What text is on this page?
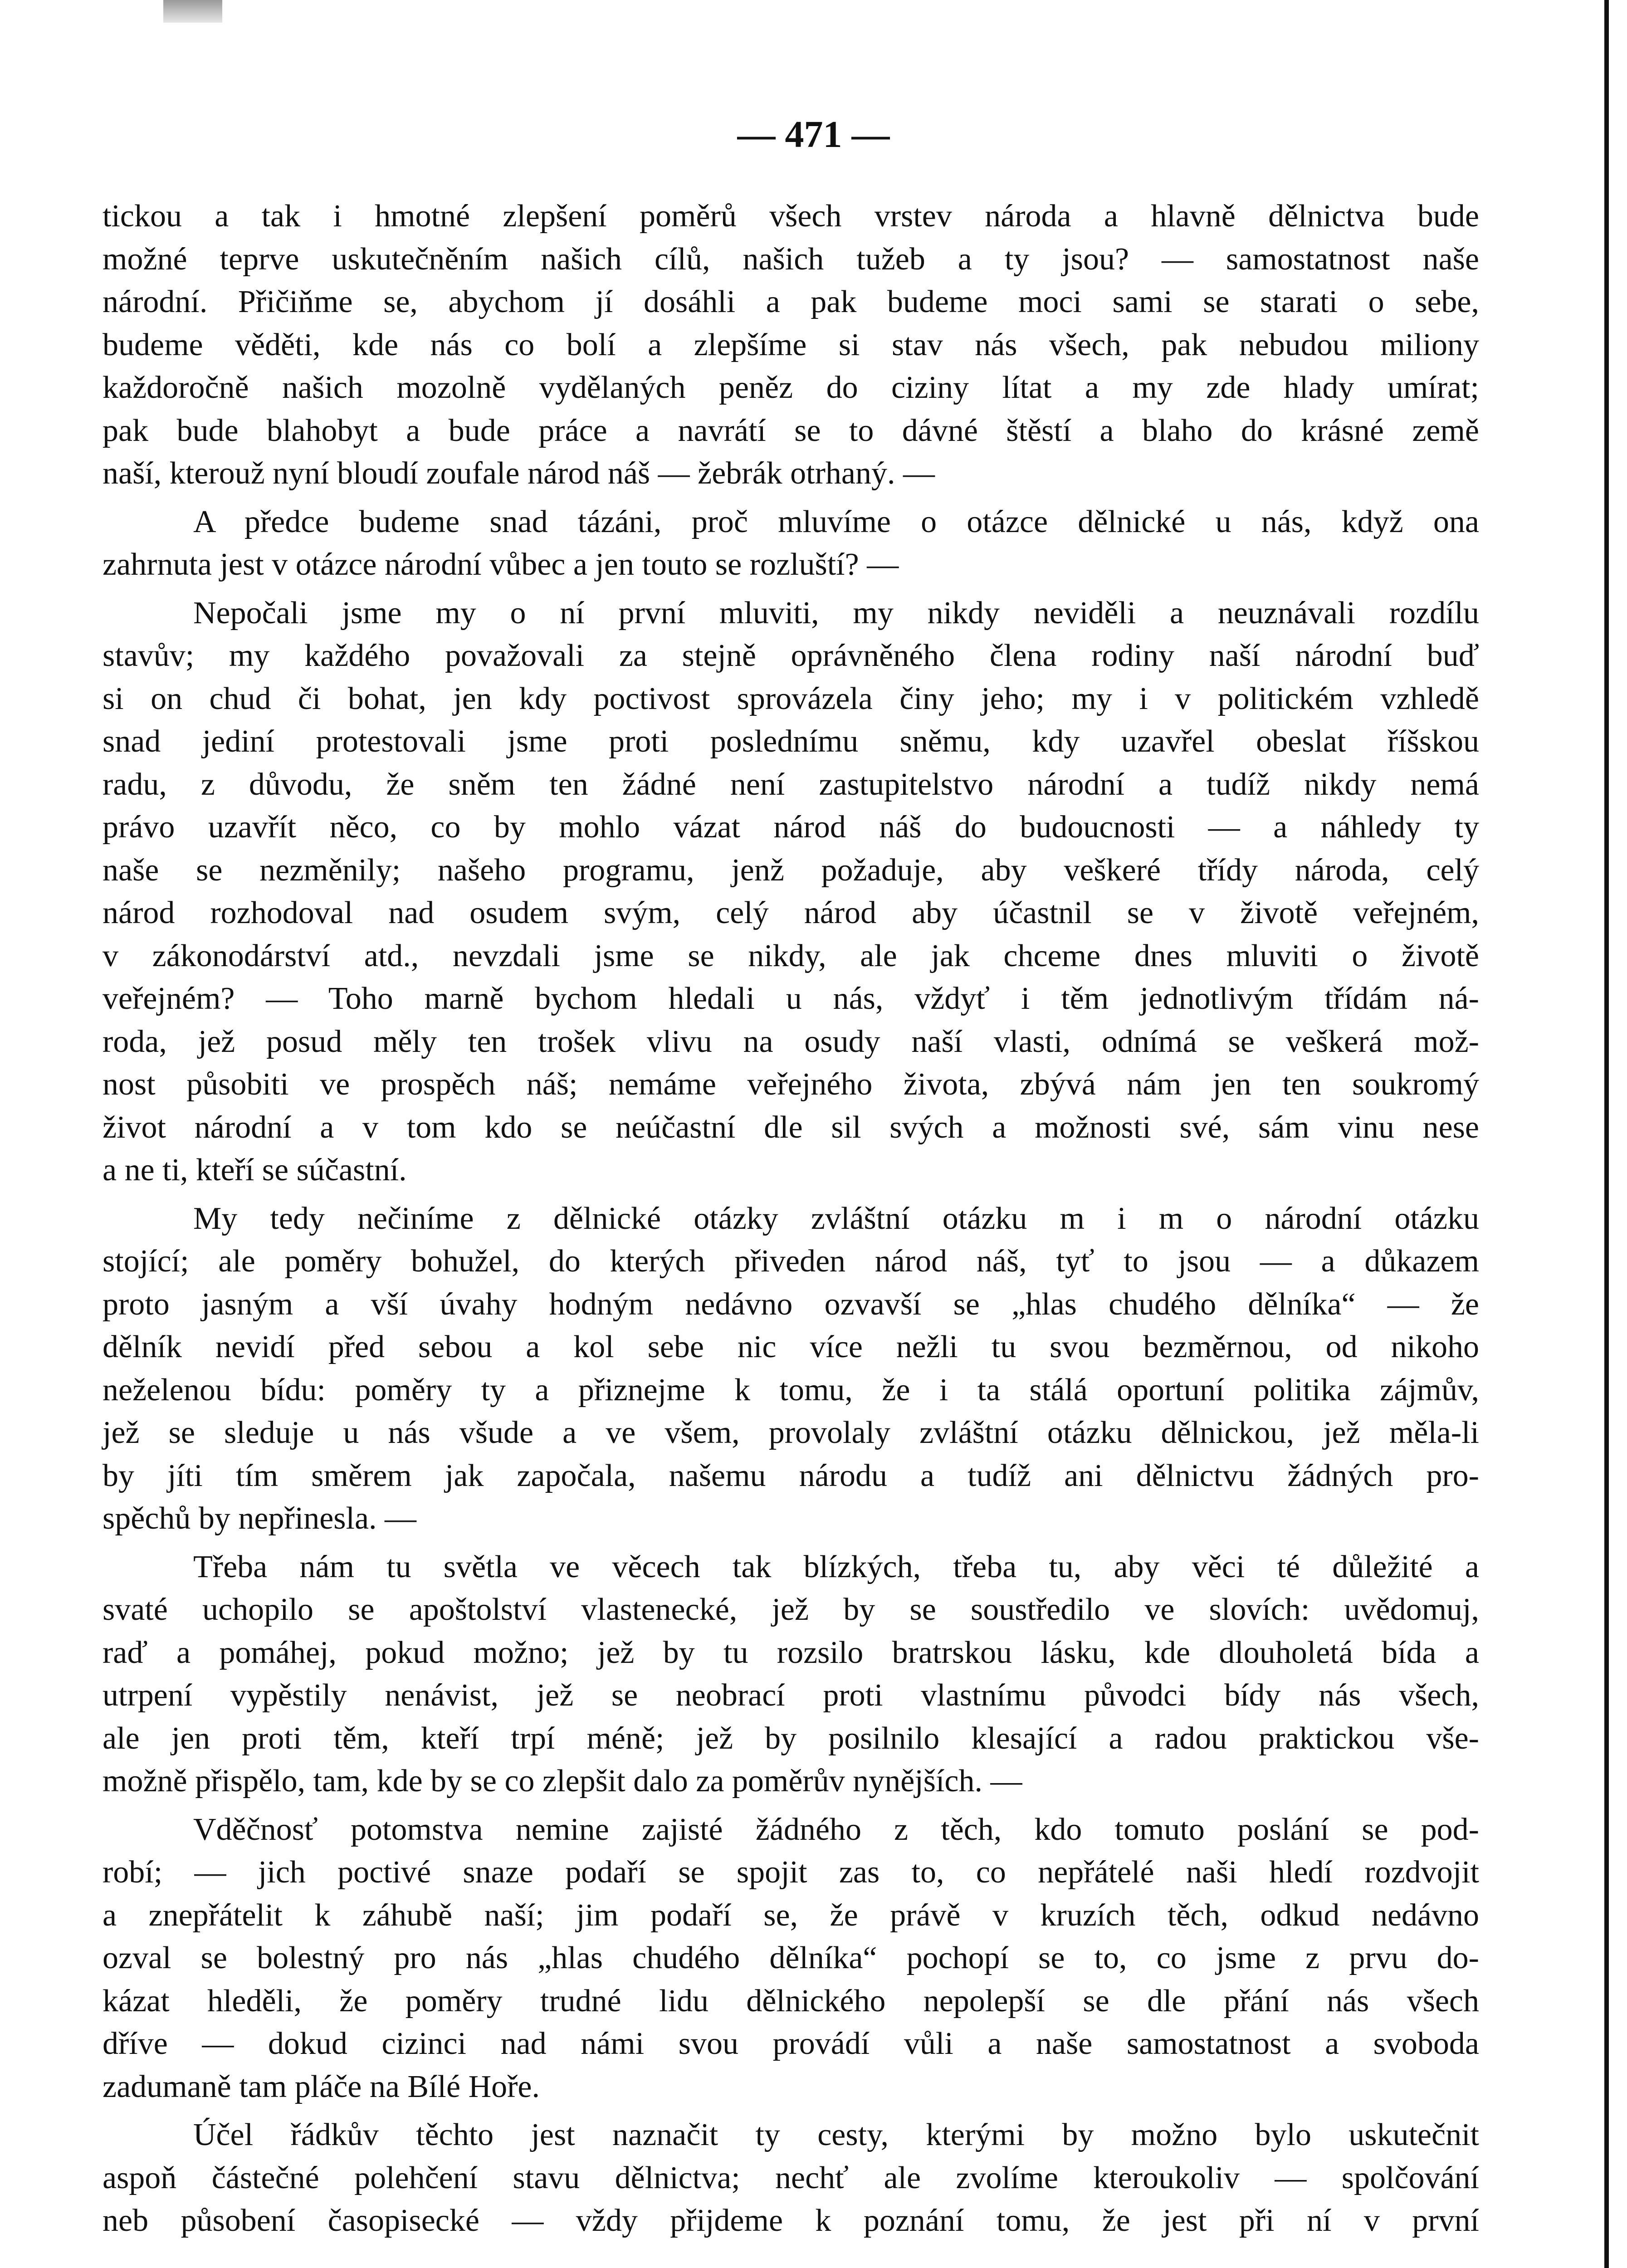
— 471 —
tickou a tak i hmotné zlepšení poměrů všech vrstev národa a hlavně dělnictva bude
možné teprve uskutečněním našich cílů, našich tužeb a ty jsou? — samostatnost naše
národní. Přičiňme se, abychom jí dosáhli a pak budeme moci sami se starati o sebe,
budeme věděti, kde nás co bolí a zlepšíme si stav nás všech, pak nebudou miliony
každoročně našich mozolně vydělaných peněz do ciziny lítat a my zde hlady umírat;
pak bude blahobyt a bude práce a navrátí se to dávné štěstí a blaho do krásné země
naší, kterouž nyní bloudí zoufale národ náš — žebrák otrhaný. —
A předce budeme snad tázáni, proč mluvíme o otázce dělnické u nás, když ona
zahrnuta jest v otázce národní vůbec a jen touto se rozluští? —
Nepočali jsme my o ní první mluviti, my nikdy neviděli a neuznávali rozdílu
stavův; my každého považovali za stejně oprávněného člena rodiny naší národní buď
si on chud či bohat, jen kdy poctivost sprovázela činy jeho; my i v politickém vzhledě
snad jediní protestovali jsme proti poslednímu sněmu, kdy uzavřel obeslat říšskou
radu, z důvodu, že sněm ten žádné není zastupitelstvo národní a tudíž nikdy nemá
právo uzavřít něco, co by mohlo vázat národ náš do budoucnosti — a náhledy ty
naše se nezměnily; našeho programu, jenž požaduje, aby veškeré třídy národa, celý
národ rozhodoval nad osudem svým, celý národ aby účastnil se v životě veřejném,
v zákonodárství atd., nevzdali jsme se nikdy, ale jak chceme dnes mluviti o životě
veřejném? — Toho marně bychom hledali u nás, vždyť i těm jednotlivým třídám ná-
roda, jež posud měly ten trošek vlivu na osudy naší vlasti, odnímá se veškerá mož-
nost působiti ve prospěch náš; nemáme veřejného života, zbývá nám jen ten soukromý
život národní a v tom kdo se neúčastní dle sil svých a možnosti své, sám vinu nese
a ne ti, kteří se súčastní.
My tedy nečiníme z dělnické otázky zvláštní otázku m i m o národní otázku
stojící; ale poměry bohužel, do kterých přiveden národ náš, tyť to jsou — a důkazem
proto jasným a vší úvahy hodným nedávno ozvavší se „hlas chudého dělníka“ — že
dělník nevidí před sebou a kol sebe nic více nežli tu svou bezměrnou, od nikoho
neželenou bídu: poměry ty a přiznejme k tomu, že i ta stálá oportuní politika zájmův,
jež se sleduje u nás všude a ve všem, provolaly zvláštní otázku dělnickou, jež měla-li
by jíti tím směrem jak započala, našemu národu a tudíž ani dělnictvu žádných pro-
spěchů by nepřinesla. —
Třeba nám tu světla ve věcech tak blízkých, třeba tu, aby věci té důležité a
svaté uchopilo se apoštolství vlastenecké, jež by se soustředilo ve slovích: uvědomuj,
raď a pomáhej, pokud možno; jež by tu rozsilo bratrskou lásku, kde dlouholetá bída a
utrpení vypěstily nenávist, jež se neobrací proti vlastnímu původci bídy nás všech,
ale jen proti těm, kteří trpí méně; jež by posilnilo klesající a radou praktickou vše-
možně přispělo, tam, kde by se co zlepšit dalo za poměrův nynějších. —
Vděčnosť potomstva nemine zajisté žádného z těch, kdo tomuto poslání se pod-
robí; — jich poctivé snaze podaří se spojit zas to, co nepřátelé naši hledí rozdvojit
a znepřátelit k záhubě naší; jim podaří se, že právě v kruzích těch, odkud nedávno
ozval se bolestný pro nás „hlas chudého dělníka“ pochopí se to, co jsme z prvu do-
kázat hleděli, že poměry trudné lidu dělnického nepolepší se dle přání nás všech
dříve — dokud cizinci nad námi svou provádí vůli a naše samostatnost a svoboda
zadumaně tam pláče na Bílé Hoře.
Účel řádkův těchto jest naznačit ty cesty, kterými by možno bylo uskutečnit
aspoň částečné polehčení stavu dělnictva; nechť ale zvolíme kteroukoliv — spolčování
neb působení časopisecké — vždy přijdeme k poznání tomu, že jest při ní v první
